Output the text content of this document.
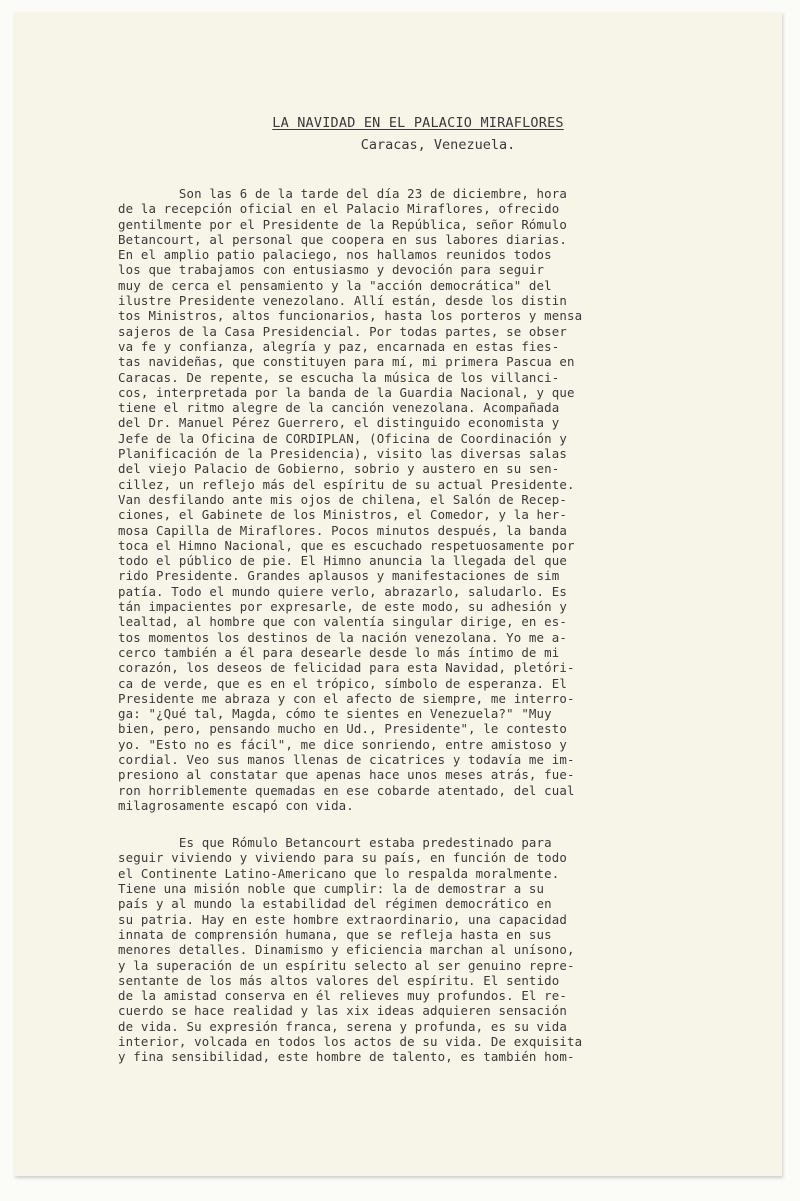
LA NAVIDAD EN EL PALACIO MIRAFLORES

Caracas, Venezuela.

Son las 6 de la tarde del día 23 de diciembre, hora
de la recepción oficial en el Palacio Miraflores, ofrecido
gentilmente por el Presidente de la República, señor Rómulo
Betancourt, al personal que coopera en sus labores diarias.
En el amplio patio palaciego, nos hallamos reunidos todos
los que trabajamos con entusiasmo y devoción para seguir
muy de cerca el pensamiento y la "acción democrática" del
ilustre Presidente venezolano. Allí están, desde los distin
tos Ministros, altos funcionarios, hasta los porteros y mensa
sajeros de la Casa Presidencial. Por todas partes, se obser
va fe y confianza, alegría y paz, encarnada en estas fies-
tas navideñas, que constituyen para mí, mi primera Pascua en
Caracas. De repente, se escucha la música de los villanci-
cos, interpretada por la banda de la Guardia Nacional, y que
tiene el ritmo alegre de la canción venezolana. Acompañada
del Dr. Manuel Pérez Guerrero, el distinguido economista y
Jefe de la Oficina de CORDIPLAN, (Oficina de Coordinación y
Planificación de la Presidencia), visito las diversas salas
del viejo Palacio de Gobierno, sobrio y austero en su sen-
cillez, un reflejo más del espíritu de su actual Presidente.
Van desfilando ante mis ojos de chilena, el Salón de Recep-
ciones, el Gabinete de los Ministros, el Comedor, y la her-
mosa Capilla de Miraflores. Pocos minutos después, la banda
toca el Himno Nacional, que es escuchado respetuosamente por
todo el público de pie. El Himno anuncia la llegada del que
rido Presidente. Grandes aplausos y manifestaciones de sim
patía. Todo el mundo quiere verlo, abrazarlo, saludarlo. Es
tán impacientes por expresarle, de este modo, su adhesión y
lealtad, al hombre que con valentía singular dirige, en es-
tos momentos los destinos de la nación venezolana. Yo me a-
cerco también a él para desearle desde lo más íntimo de mi
corazón, los deseos de felicidad para esta Navidad, pletóri-
ca de verde, que es en el trópico, símbolo de esperanza. El
Presidente me abraza y con el afecto de siempre, me interro-
ga: "¿Qué tal, Magda, cómo te sientes en Venezuela?" "Muy
bien, pero, pensando mucho en Ud., Presidente", le contesto
yo. "Esto no es fácil", me dice sonriendo, entre amistoso y
cordial. Veo sus manos llenas de cicatrices y todavía me im-
presiono al constatar que apenas hace unos meses atrás, fue-
ron horriblemente quemadas en ese cobarde atentado, del cual
milagrosamente escapó con vida.

Es que Rómulo Betancourt estaba predestinado para
seguir viviendo y viviendo para su país, en función de todo
el Continente Latino-Americano que lo respalda moralmente.
Tiene una misión noble que cumplir: la de demostrar a su
país y al mundo la estabilidad del régimen democrático en
su patria. Hay en este hombre extraordinario, una capacidad
innata de comprensión humana, que se refleja hasta en sus
menores detalles. Dinamismo y eficiencia marchan al unísono,
y la superación de un espíritu selecto al ser genuino repre-
sentante de los más altos valores del espíritu. El sentido
de la amistad conserva en él relieves muy profundos. El re-
cuerdo se hace realidad y las xix ideas adquieren sensación
de vida. Su expresión franca, serena y profunda, es su vida
interior, volcada en todos los actos de su vida. De exquisita
y fina sensibilidad, este hombre de talento, es también hom-
